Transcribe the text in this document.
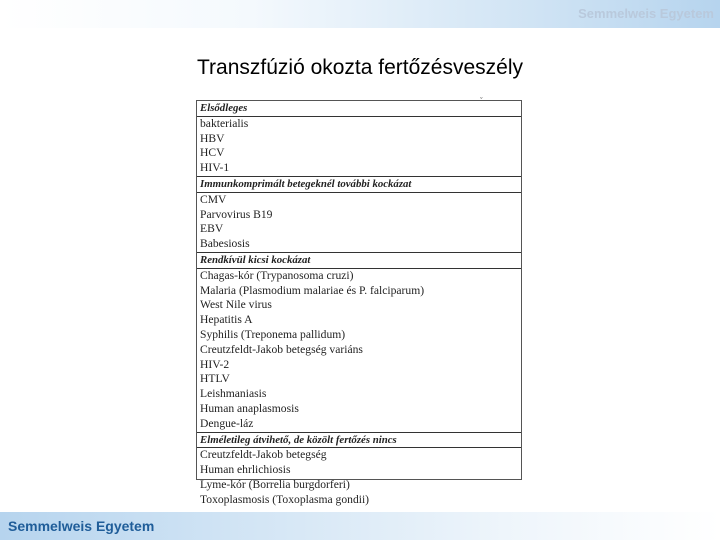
Semmelweis Egyetem
Transzfúzió okozta fertőzésveszély
ˇ
Elsődleges
bakterialis
HBV
HCV
HIV-1
Immunkomprimált betegeknél további kockázat
CMV
Parvovirus B19
EBV
Babesiosis
Rendkívül kicsi kockázat
Chagas-kór (Trypanosoma cruzi)
Malaria (Plasmodium malariae és P. falciparum)
West Nile virus
Hepatitis A
Syphilis (Treponema pallidum)
Creutzfeldt-Jakob betegség variáns
HIV-2
HTLV
Leishmaniasis
Human anaplasmosis
Dengue-láz
Elméletileg átvihető, de közölt fertőzés nincs
Creutzfeldt-Jakob betegség
Human ehrlichiosis
Lyme-kór (Borrelia burgdorferi)
Toxoplasmosis (Toxoplasma gondii)
Semmelweis Egyetem
